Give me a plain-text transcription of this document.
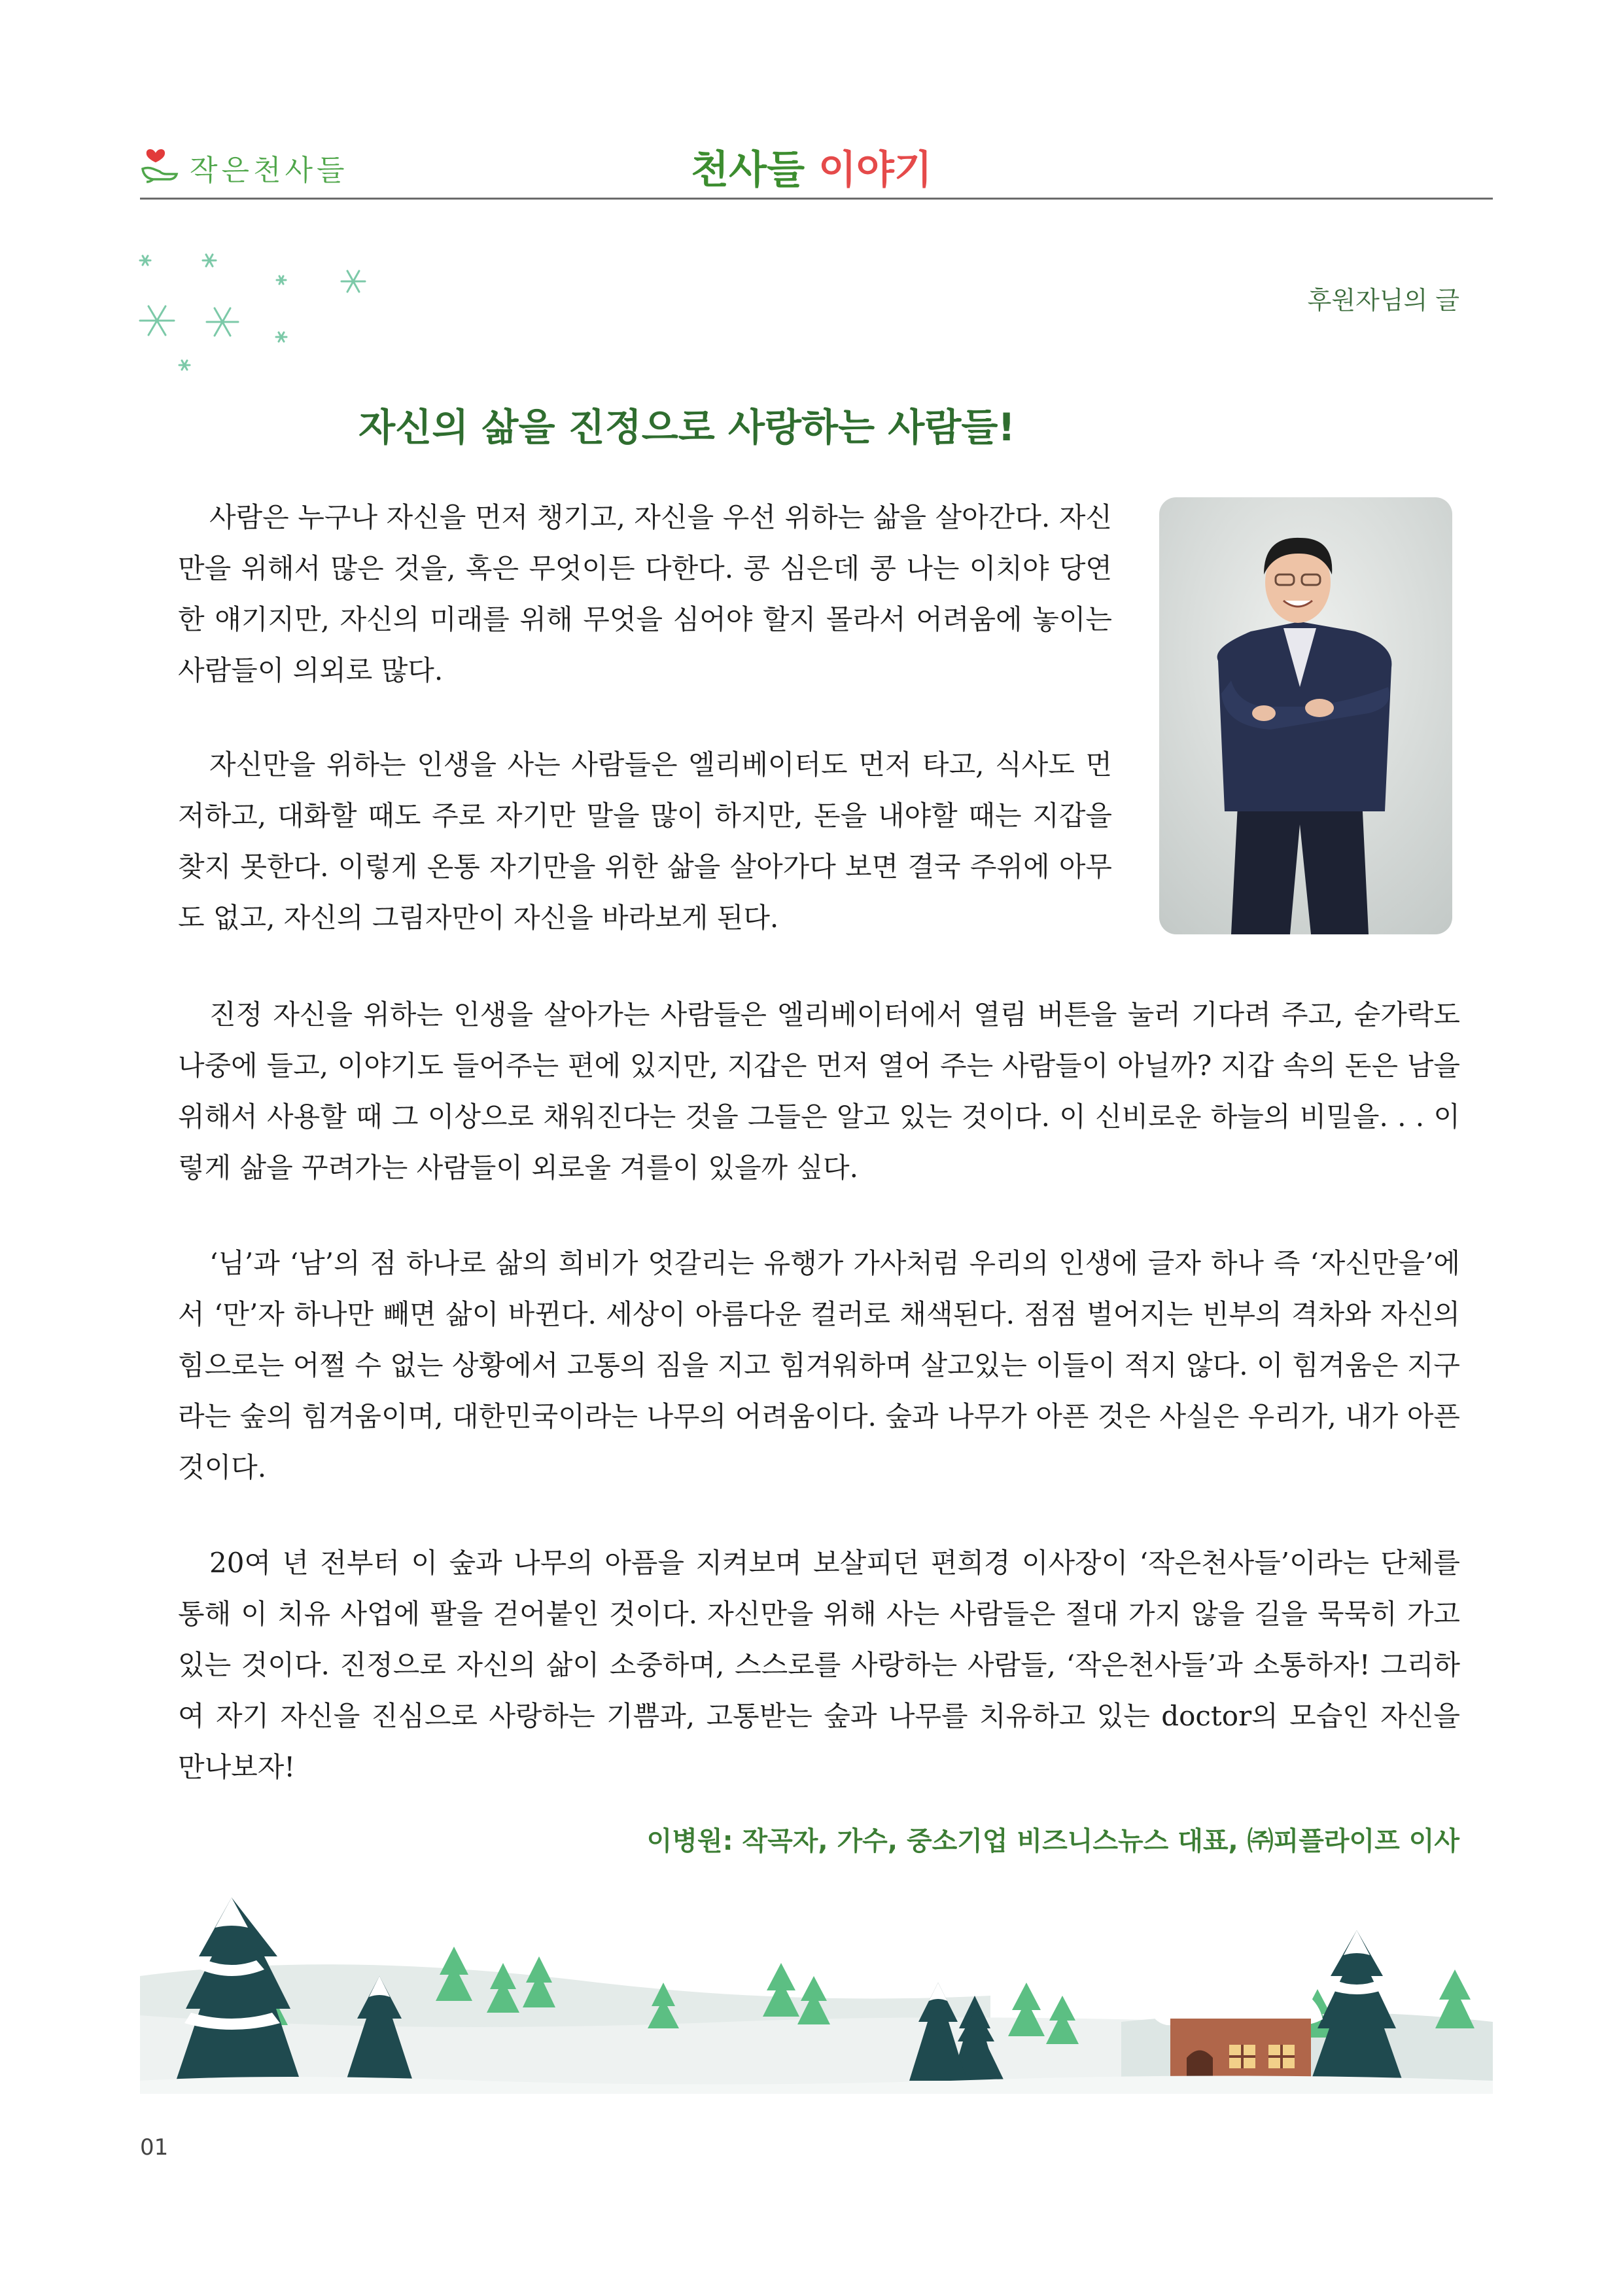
작은천사들	천사들 이야기
후원자님의 글
자신의 삶을 진정으로 사랑하는 사람들!

사람은 누구나 자신을 먼저 챙기고, 자신을 우선 위하는 삶을 살아간다. 자신만을 위해서 많은 것을, 혹은 무엇이든 다한다. 콩 심은데 콩 나는 이치야 당연한 얘기지만, 자신의 미래를 위해 무엇을 심어야 할지 몰라서 어려움에 놓이는 사람들이 의외로 많다.

자신만을 위하는 인생을 사는 사람들은 엘리베이터도 먼저 타고, 식사도 먼저하고, 대화할 때도 주로 자기만 말을 많이 하지만, 돈을 내야할 때는 지갑을 찾지 못한다. 이렇게 온통 자기만을 위한 삶을 살아가다 보면 결국 주위에 아무도 없고, 자신의 그림자만이 자신을 바라보게 된다.

진정 자신을 위하는 인생을 살아가는 사람들은 엘리베이터에서 열림 버튼을 눌러 기다려 주고, 숟가락도 나중에 들고, 이야기도 들어주는 편에 있지만, 지갑은 먼저 열어 주는 사람들이 아닐까? 지갑 속의 돈은 남을 위해서 사용할 때 그 이상으로 채워진다는 것을 그들은 알고 있는 것이다. 이 신비로운 하늘의 비밀을. . . 이렇게 삶을 꾸려가는 사람들이 외로울 겨를이 있을까 싶다.

‘님’과 ‘남’의 점 하나로 삶의 희비가 엇갈리는 유행가 가사처럼 우리의 인생에 글자 하나 즉 ‘자신만을’에서 ‘만’자 하나만 빼면 삶이 바뀐다. 세상이 아름다운 컬러로 채색된다. 점점 벌어지는 빈부의 격차와 자신의 힘으로는 어쩔 수 없는 상황에서 고통의 짐을 지고 힘겨워하며 살고있는 이들이 적지 않다. 이 힘겨움은 지구라는 숲의 힘겨움이며, 대한민국이라는 나무의 어려움이다. 숲과 나무가 아픈 것은 사실은 우리가, 내가 아픈 것이다.

20여 년 전부터 이 숲과 나무의 아픔을 지켜보며 보살피던 편희경 이사장이 ‘작은천사들’이라는 단체를 통해 이 치유 사업에 팔을 걷어붙인 것이다. 자신만을 위해 사는 사람들은 절대 가지 않을 길을 묵묵히 가고있는 것이다. 진정으로 자신의 삶이 소중하며, 스스로를 사랑하는 사람들, ‘작은천사들’과 소통하자! 그리하여 자기 자신을 진심으로 사랑하는 기쁨과, 고통받는 숲과 나무를 치유하고 있는 doctor의 모습인 자신을 만나보자!

이병원: 작곡자, 가수, 중소기업 비즈니스뉴스 대표, ㈜피플라이프 이사
01
